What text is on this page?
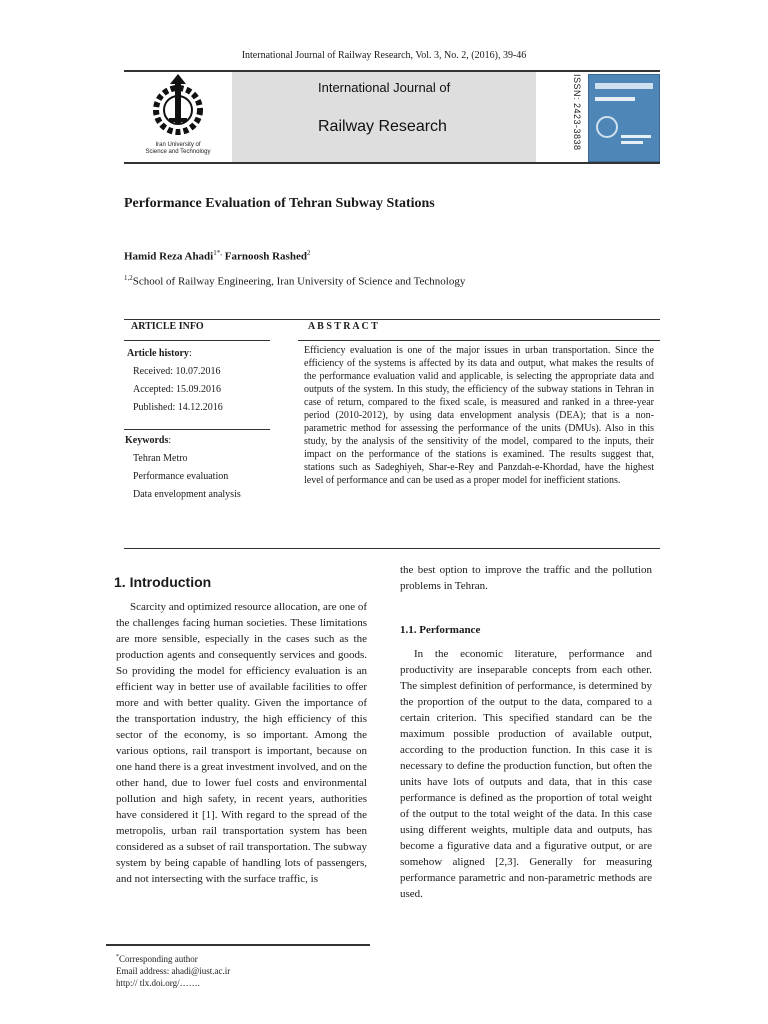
International Journal of Railway Research, Vol. 3, No. 2, (2016), 39-46
Iran University of
Science and Technology
International Journal of
Railway Research	ISSN: 2423-3838
Performance Evaluation of Tehran Subway Stations
Hamid Reza Ahadi$^{1*,}$ Farnoosh Rashed$^2$
$^{1,2}$School of Railway Engineering, Iran University of Science and Technology
ARTICLE INFO	A B S T R A C T
Article history:
Received: 10.07.2016
Accepted: 15.09.2016
Published: 14.12.2016
Keywords:
Tehran Metro
Performance evaluation
Data envelopment analysis
Efficiency evaluation is one of the major issues in urban transportation. Since the efficiency of the systems is affected by its data and output, what makes the results of the performance evaluation valid and applicable, is selecting the appropriate data and outputs of the system. In this study, the efficiency of the subway stations in Tehran in case of return, compared to the fixed scale, is measured and ranked in a three-year period (2010-2012), by using data envelopment analysis (DEA); that is a non-parametric method for assessing the performance of the units (DMUs). Also in this study, by the analysis of the sensitivity of the model, compared to the inputs, their impact on the performance of the stations is examined. The results suggest that, stations such as Sadeghiyeh, Shar-e-Rey and Panzdah-e-Khordad, have the highest level of performance and can be used as a proper model for inefficient stations.
1. Introduction

Scarcity and optimized resource allocation, are one of the challenges facing human societies. These limitations are more sensible, especially in the cases such as the production agents and consequently services and goods. So providing the model for efficiency evaluation is an efficient way in better use of available facilities to offer more and with better quality. Given the importance of the transportation industry, the high efficiency of this sector of the economy, is so important. Among the various options, rail transport is important, because on one hand there is a great investment involved, and on the other hand, due to lower fuel costs and environmental pollution and high safety, in recent years, authorities have considered it [1]. With regard to the spread of the metropolis, urban rail transportation system has been considered as a subset of rail transportation. The subway system by being capable of handling lots of passengers, and not intersecting with the surface traffic, is

the best option to improve the traffic and the pollution problems in Tehran.

1.1. Performance

In the economic literature, performance and productivity are inseparable concepts from each other. The simplest definition of performance, is determined by the proportion of the output to the data, compared to a certain criterion. This specified standard can be the maximum possible production of available output, according to the production function. In this case it is necessary to define the production function, but often the units have lots of outputs and data, that in this case performance is defined as the proportion of total weight of the output to the total weight of the data. In this case using different weights, multiple data and outputs, has become a figurative data and a figurative output, or are somehow aligned [2,3]. Generally for measuring performance parametric and non-parametric methods are used.

*Corresponding author
Email address: ahadi@iust.ac.ir
http:// tlx.doi.org/…….
